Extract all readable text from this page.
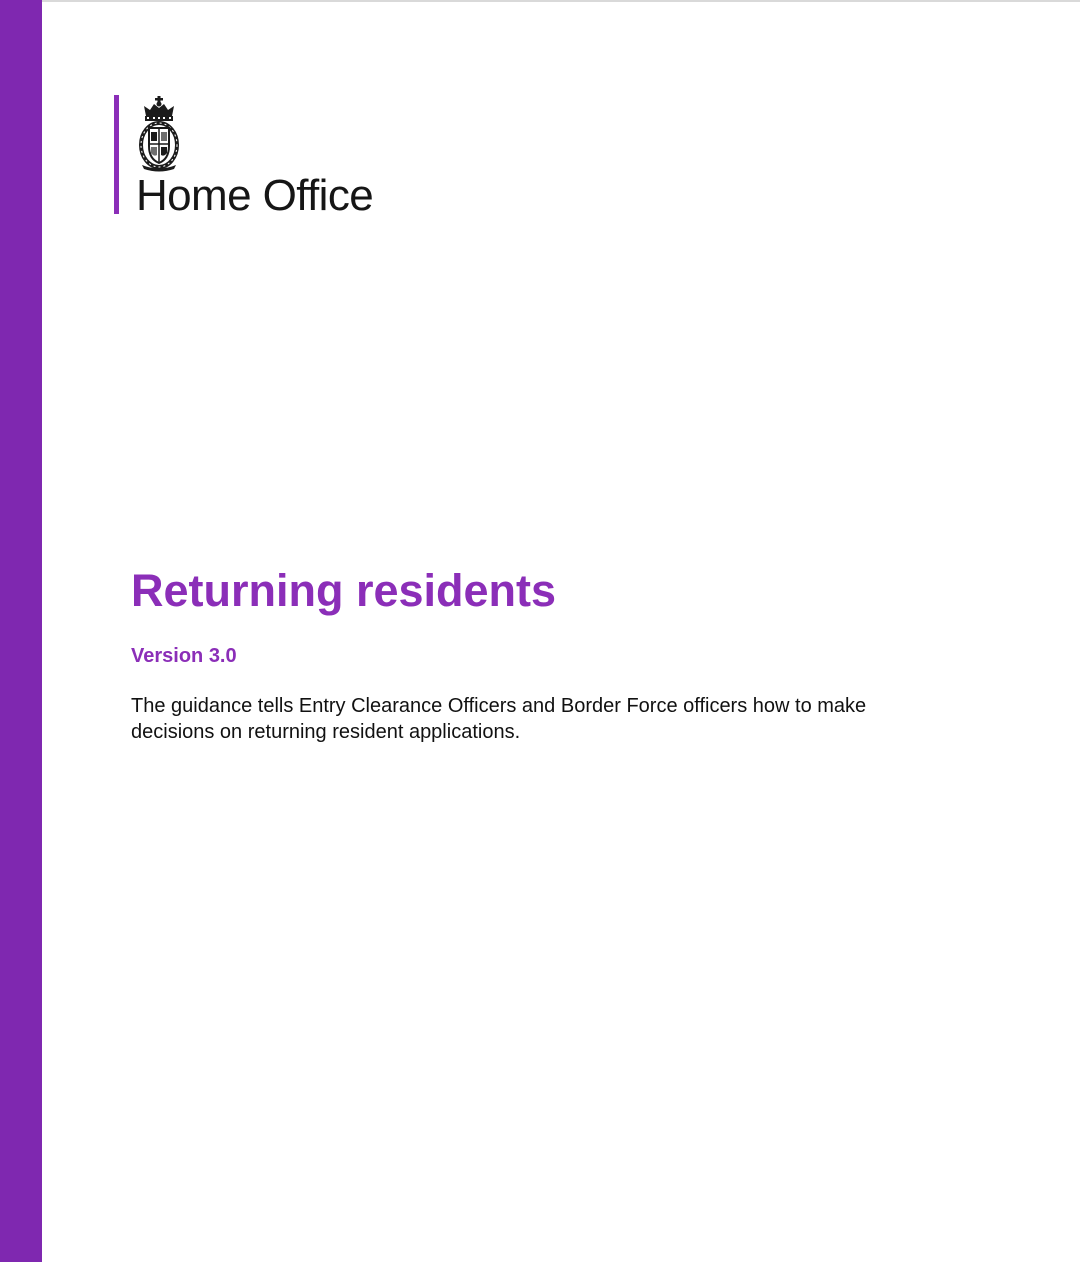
Home Office
Returning residents

Version 3.0

The guidance tells Entry Clearance Officers and Border Force officers how to make decisions on returning resident applications.
